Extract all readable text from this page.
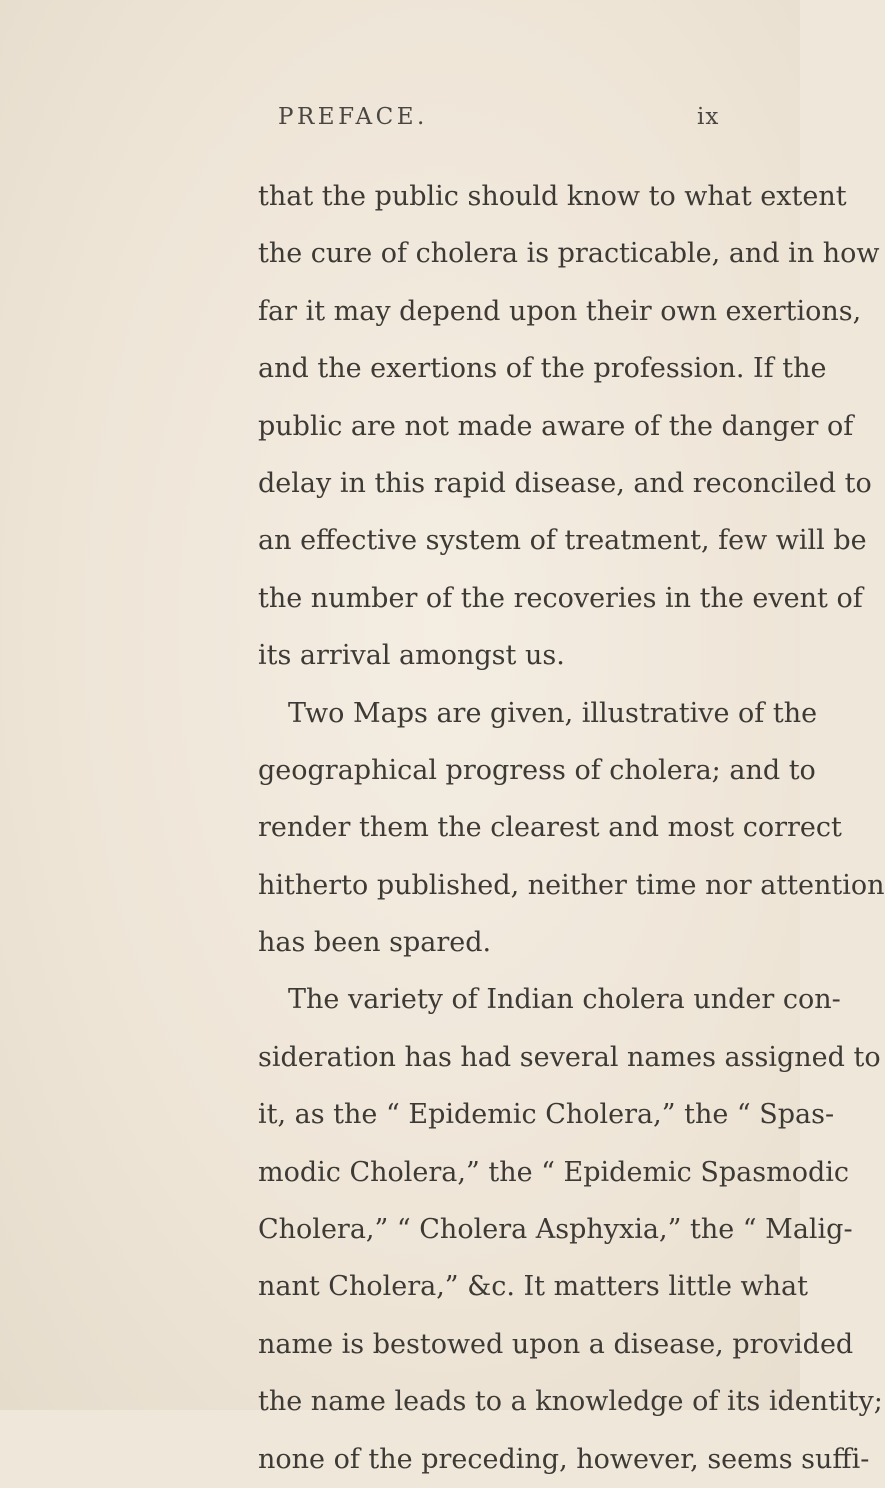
PREFACE.	ix
that the public should know to what extent
the cure of cholera is practicable, and in how
far it may depend upon their own exertions,
and the exertions of the profession. If the
public are not made aware of the danger of
delay in this rapid disease, and reconciled to
an effective system of treatment, few will be
the number of the recoveries in the event of
its arrival amongst us.
Two Maps are given, illustrative of the
geographical progress of cholera; and to
render them the clearest and most correct
hitherto published, neither time nor attention
has been spared.
The variety of Indian cholera under con-
sideration has had several names assigned to
it, as the “ Epidemic Cholera,” the “ Spas-
modic Cholera,” the “ Epidemic Spasmodic
Cholera,” “ Cholera Asphyxia,” the “ Malig-
nant Cholera,” &c. It matters little what
name is bestowed upon a disease, provided
the name leads to a knowledge of its identity;
none of the preceding, however, seems suffi-
